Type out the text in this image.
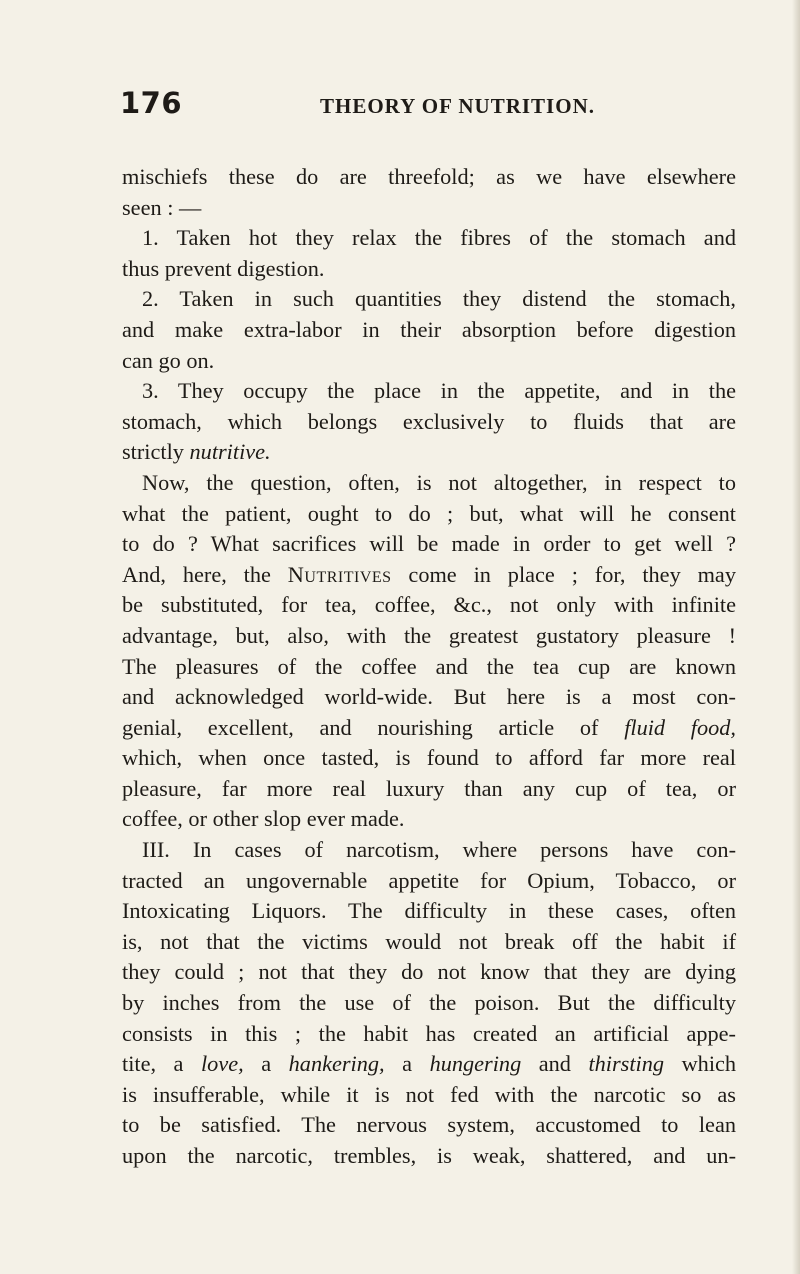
176	THEORY OF NUTRITION.
mischiefs these do are threefold; as we have elsewhere
seen : —
1. Taken hot they relax the fibres of the stomach and
thus prevent digestion.
2. Taken in such quantities they distend the stomach,
and make extra-labor in their absorption before digestion
can go on.
3. They occupy the place in the appetite, and in the
stomach, which belongs exclusively to fluids that are
strictly nutritive.
Now, the question, often, is not altogether, in respect to
what the patient, ought to do ; but, what will he consent
to do ? What sacrifices will be made in order to get well ?
And, here, the Nutritives come in place ; for, they may
be substituted, for tea, coffee, &c., not only with infinite
advantage, but, also, with the greatest gustatory pleasure !
The pleasures of the coffee and the tea cup are known
and acknowledged world-wide. But here is a most con-
genial, excellent, and nourishing article of fluid food,
which, when once tasted, is found to afford far more real
pleasure, far more real luxury than any cup of tea, or
coffee, or other slop ever made.
III. In cases of narcotism, where persons have con-
tracted an ungovernable appetite for Opium, Tobacco, or
Intoxicating Liquors. The difficulty in these cases, often
is, not that the victims would not break off the habit if
they could ; not that they do not know that they are dying
by inches from the use of the poison. But the difficulty
consists in this ; the habit has created an artificial appe-
tite, a love, a hankering, a hungering and thirsting which
is insufferable, while it is not fed with the narcotic so as
to be satisfied. The nervous system, accustomed to lean
upon the narcotic, trembles, is weak, shattered, and un-
